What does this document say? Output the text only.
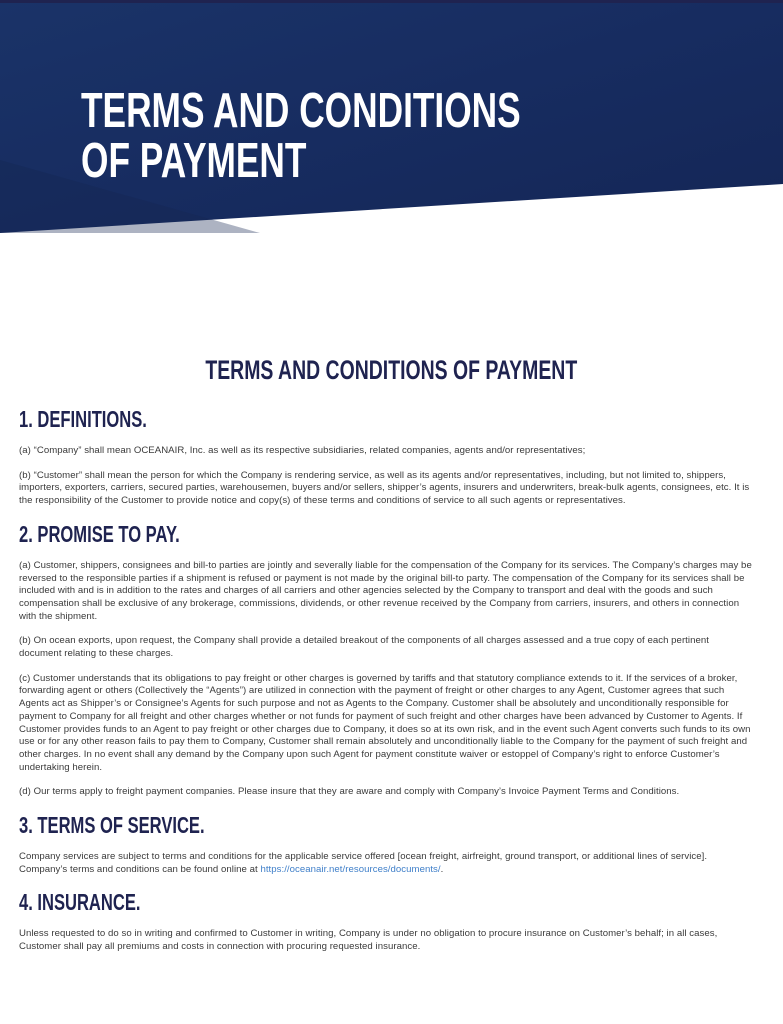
TERMS AND CONDITIONS
OF PAYMENT
TERMS AND CONDITIONS OF PAYMENT
1. DEFINITIONS.

(a) “Company” shall mean OCEANAIR, Inc. as well as its respective subsidiaries, related companies, agents and/or representatives;

(b) “Customer” shall mean the person for which the Company is rendering service, as well as its agents and/or representatives, including, but not limited to, shippers, importers, exporters, carriers, secured parties, warehousemen, buyers and/or sellers, shipper’s agents, insurers and underwriters, break-bulk agents, consignees, etc. It is the responsibility of the Customer to provide notice and copy(s) of these terms and conditions of service to all such agents or representatives.

2. PROMISE TO PAY.

(a) Customer, shippers, consignees and bill-to parties are jointly and severally liable for the compensation of the Company for its services. The Company’s charges may be reversed to the responsible parties if a shipment is refused or payment is not made by the original bill-to party. The compensation of the Company for its services shall be included with and is in addition to the rates and charges of all carriers and other agencies selected by the Company to transport and deal with the goods and such compensation shall be exclusive of any brokerage, commissions, dividends, or other revenue received by the Company from carriers, insurers, and others in connection with the shipment.

(b) On ocean exports, upon request, the Company shall provide a detailed breakout of the components of all charges assessed and a true copy of each pertinent document relating to these charges.

(c) Customer understands that its obligations to pay freight or other charges is governed by tariffs and that statutory compliance extends to it. If the services of a broker, forwarding agent or others (Collectively the “Agents”) are utilized in connection with the payment of freight or other charges to any Agent, Customer agrees that such Agents act as Shipper’s or Consignee’s Agents for such purpose and not as Agents to the Company. Customer shall be absolutely and unconditionally responsible for payment to Company for all freight and other charges whether or not funds for payment of such freight and other charges have been advanced by Customer to Agents. If Customer provides funds to an Agent to pay freight or other charges due to Company, it does so at its own risk, and in the event such Agent converts such funds to its own use or for any other reason fails to pay them to Company, Customer shall remain absolutely and unconditionally liable to the Company for the payment of such freight and other charges. In no event shall any demand by the Company upon such Agent for payment constitute waiver or estoppel of Company’s right to enforce Customer’s undertaking herein.

(d) Our terms apply to freight payment companies. Please insure that they are aware and comply with Company’s Invoice Payment Terms and Conditions.

3. TERMS OF SERVICE.

Company services are subject to terms and conditions for the applicable service offered [ocean freight, airfreight, ground transport, or additional lines of service]. Company’s terms and conditions can be found online at https://oceanair.net/resources/documents/.

4. INSURANCE.

Unless requested to do so in writing and confirmed to Customer in writing, Company is under no obligation to procure insurance on Customer’s behalf; in all cases, Customer shall pay all premiums and costs in connection with procuring requested insurance.
